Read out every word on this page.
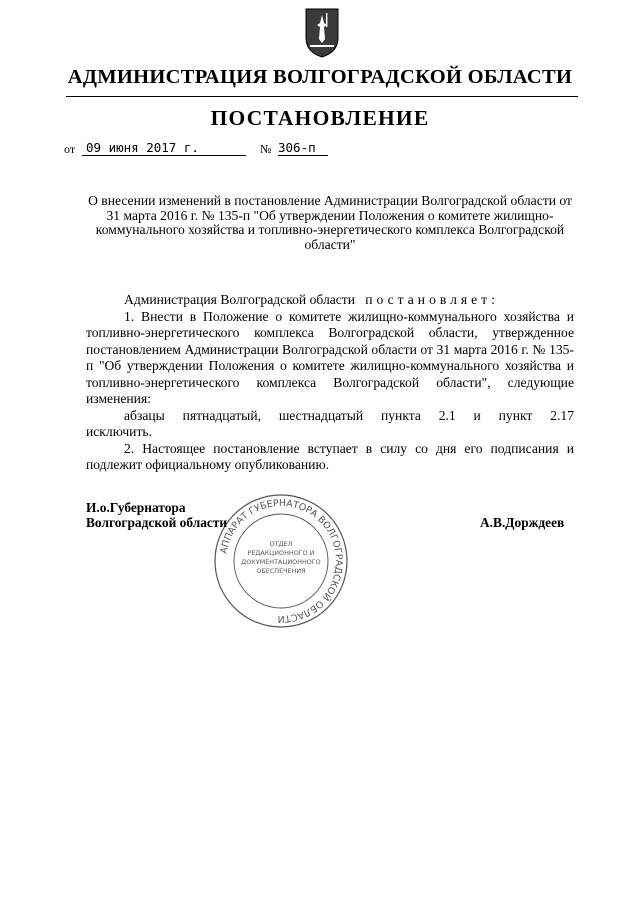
АДМИНИСТРАЦИЯ ВОЛГОГРАДСКОЙ ОБЛАСТИ
ПОСТАНОВЛЕНИЕ
от 09 июня 2017 г.	№ 306-п
О внесении изменений в постановление Администрации Волгоградской области от 31 марта 2016 г. № 135-п "Об утверждении Положения о комитете жилищно-коммунального хозяйства и топливно-энергетического комплекса Волгоградской области"

Администрация Волгоградской области постановляет:

1. Внести в Положение о комитете жилищно-коммунального хозяйства и топливно-энергетического комплекса Волгоградской области, утвержденное постановлением Администрации Волгоградской области от 31 марта 2016 г. № 135-п "Об утверждении Положения о комитете жилищно-коммунального хозяйства и топливно-энергетического комплекса Волгоградской области", следующие изменения:

абзацы пятнадцатый, шестнадцатый пункта 2.1 и пункт 2.17

исключить.

2. Настоящее постановление вступает в силу со дня его подписания и подлежит официальному опубликованию.

АППАРАТ ГУБЕРНАТОРА ВОЛГОГРАДСКОЙ ОБЛАСТИ
ОТДЕЛ
РЕДАКЦИОННОГО И
ДОКУМЕНТАЦИОННОГО
ОБЕСПЕЧЕНИЯ
И.о.Губернатора
Волгоградской области	А.В.Дорждеев
